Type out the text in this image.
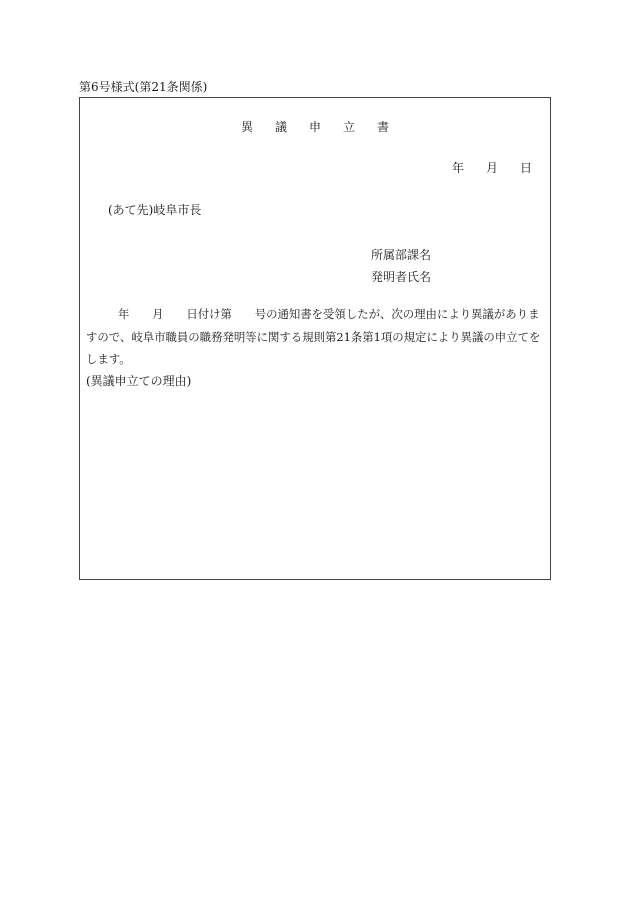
第6号様式(第21条関係)
異議申立書
年 月 日
(あて先)岐阜市長
所属部課名
発明者氏名
年　　月　　日付け第　　号の通知書を受領したが、次の理由により異議がありま
すので、岐阜市職員の職務発明等に関する規則第21条第1項の規定により異議の申立てを
します。
(異議申立ての理由)
